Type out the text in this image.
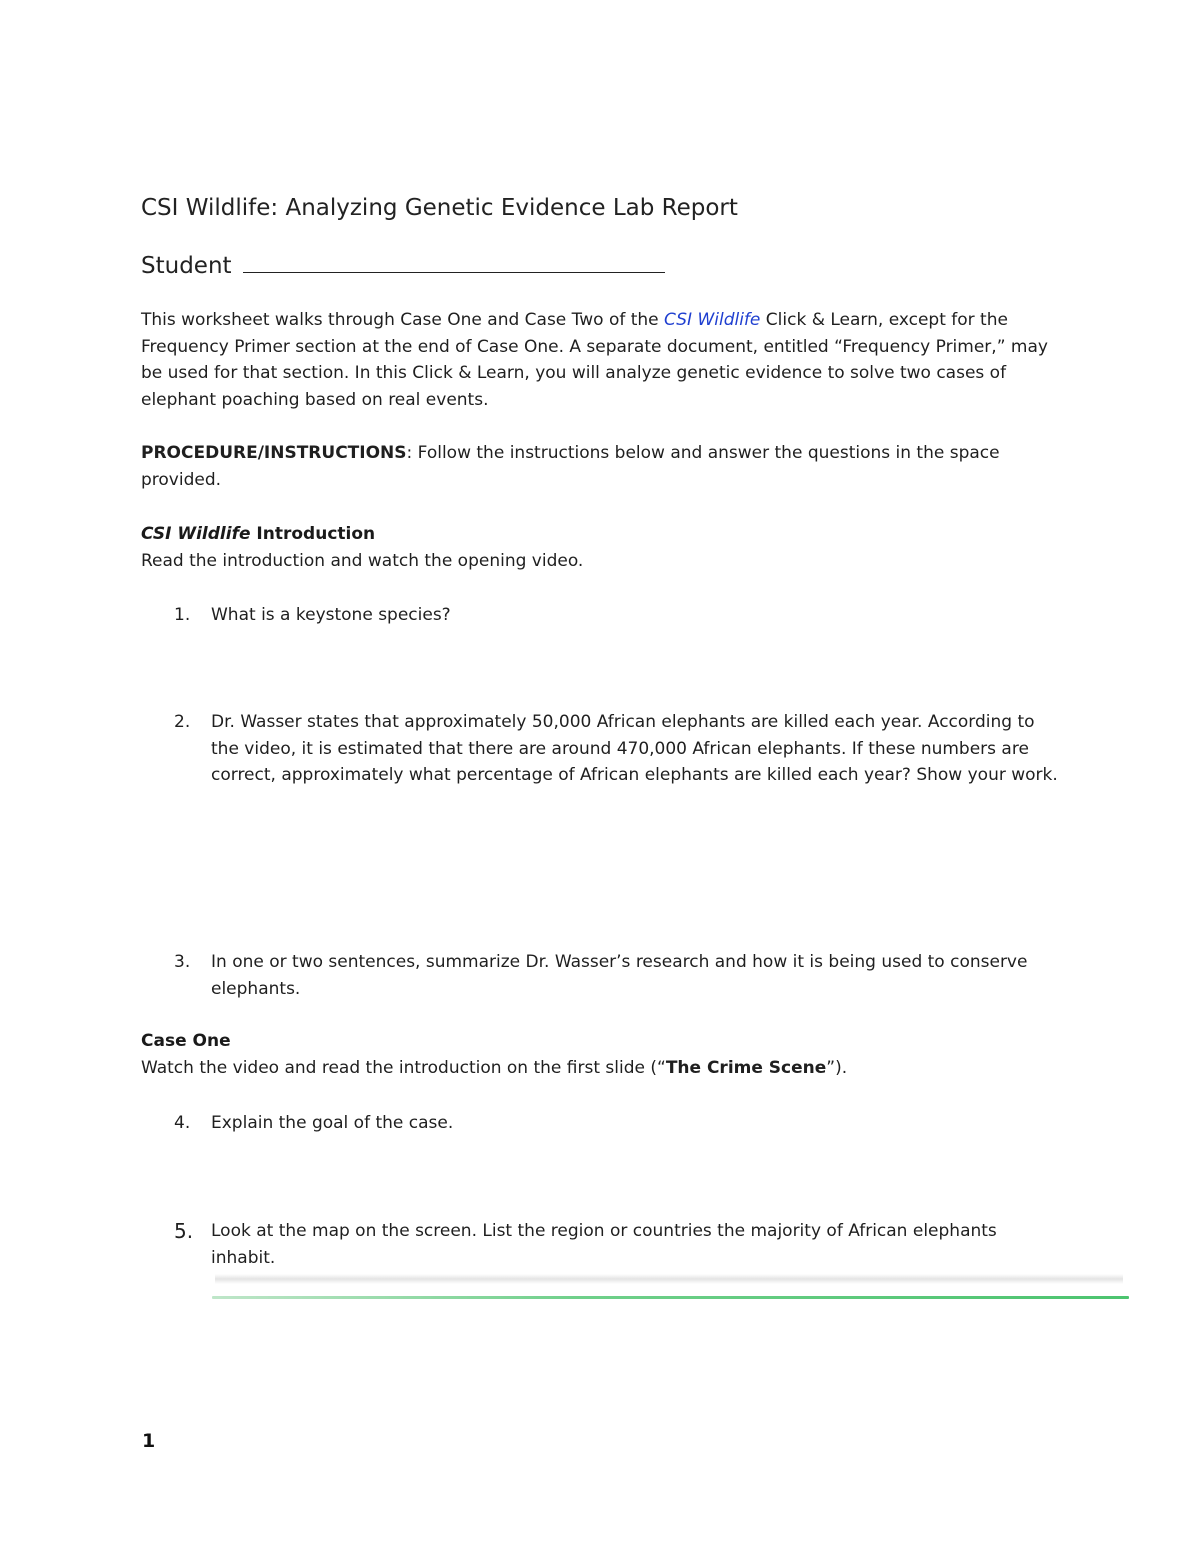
CSI Wildlife: Analyzing Genetic Evidence Lab Report
Student
This worksheet walks through Case One and Case Two of the CSI Wildlife Click & Learn, except for the Frequency Primer section at the end of Case One. A separate document, entitled “Frequency Primer,” may be used for that section. In this Click & Learn, you will analyze genetic evidence to solve two cases of elephant poaching based on real events.
PROCEDURE/INSTRUCTIONS: Follow the instructions below and answer the questions in the space provided.
CSI Wildlife Introduction
Read the introduction and watch the opening video.
1.	What is a keystone species?
2.	Dr. Wasser states that approximately 50,000 African elephants are killed each year. According to the video, it is estimated that there are around 470,000 African elephants. If these numbers are correct, approximately what percentage of African elephants are killed each year? Show your work.
3.	In one or two sentences, summarize Dr. Wasser’s research and how it is being used to conserve elephants.
Case One
Watch the video and read the introduction on the first slide (“The Crime Scene”).
4.	Explain the goal of the case.
5.	Look at the map on the screen. List the region or countries the majority of African elephants inhabit.
1
